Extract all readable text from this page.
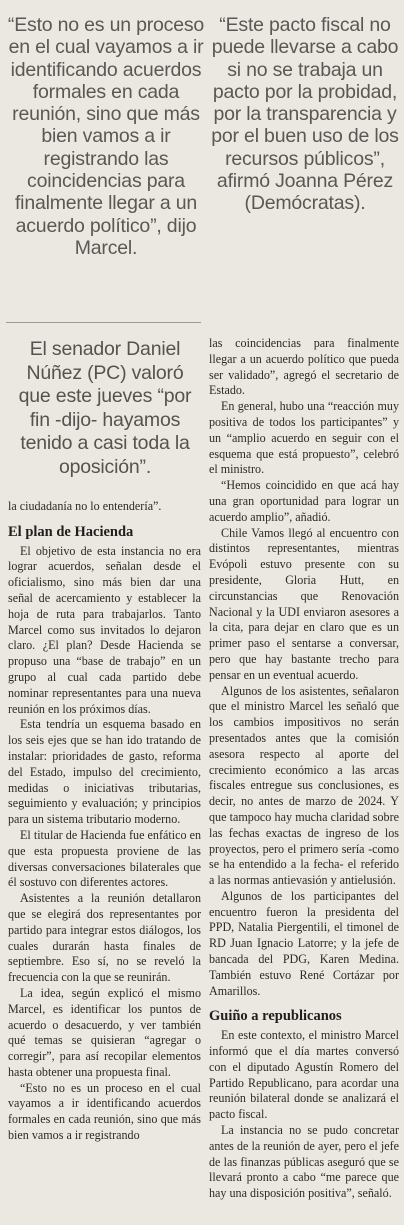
“Esto no es un proceso en el cual vayamos a ir identificando acuerdos formales en cada reunión, sino que más bien vamos a ir registrando las coincidencias para finalmente llegar a un acuerdo político”, dijo Marcel.
“Este pacto fiscal no puede llevarse a cabo si no se trabaja un pacto por la probidad, por la transparencia y por el buen uso de los recursos públicos”, afirmó Joanna Pérez (Demócratas).
El senador Daniel Núñez (PC) valoró que este jueves “por fin -dijo- hayamos tenido a casi toda la oposición”.

la ciudadanía no lo entendería”.

El plan de Hacienda

El objetivo de esta instancia no era lograr acuerdos, señalan desde el oficialismo, sino más bien dar una señal de acercamiento y establecer la hoja de ruta para trabajarlos. Tanto Marcel como sus invitados lo dejaron claro. ¿El plan? Desde Hacienda se propuso una “base de trabajo” en un grupo al cual cada partido debe nominar representantes para una nueva reunión en los próximos días.

Esta tendría un esquema basado en los seis ejes que se han ido tratando de instalar: prioridades de gasto, reforma del Estado, impulso del crecimiento, medidas o iniciativas tributarias, seguimiento y evaluación; y principios para un sistema tributario moderno.

El titular de Hacienda fue enfático en que esta propuesta proviene de las diversas conversaciones bilaterales que él sostuvo con diferentes actores.

Asistentes a la reunión detallaron que se elegirá dos representantes por partido para integrar estos diálogos, los cuales durarán hasta finales de septiembre. Eso sí, no se reveló la frecuencia con la que se reunirán.

La idea, según explicó el mismo Marcel, es identificar los puntos de acuerdo o desacuerdo, y ver también qué temas se quisieran “agregar o corregir”, para así recopilar elementos hasta obtener una propuesta final.

“Esto no es un proceso en el cual vayamos a ir identificando acuerdos formales en cada reunión, sino que más bien vamos a ir registrando

las coincidencias para finalmente llegar a un acuerdo político que pueda ser validado”, agregó el secretario de Estado.

En general, hubo una “reacción muy positiva de todos los participantes” y un “amplio acuerdo en seguir con el esquema que está propuesto”, celebró el ministro.

“Hemos coincidido en que acá hay una gran oportunidad para lograr un acuerdo amplio”, añadió.

Chile Vamos llegó al encuentro con distintos representantes, mientras Evópoli estuvo presente con su presidente, Gloria Hutt, en circunstancias que Renovación Nacional y la UDI enviaron asesores a la cita, para dejar en claro que es un primer paso el sentarse a conversar, pero que hay bastante trecho para pensar en un eventual acuerdo.

Algunos de los asistentes, señalaron que el ministro Marcel les señaló que los cambios impositivos no serán presentados antes que la comisión asesora respecto al aporte del crecimiento económico a las arcas fiscales entregue sus conclusiones, es decir, no antes de marzo de 2024. Y que tampoco hay mucha claridad sobre las fechas exactas de ingreso de los proyectos, pero el primero sería -como se ha entendido a la fecha- el referido a las normas antievasión y antielusión.

Algunos de los participantes del encuentro fueron la presidenta del PPD, Natalia Piergentili, el timonel de RD Juan Ignacio Latorre; y la jefe de bancada del PDG, Karen Medina. También estuvo René Cortázar por Amarillos.

Guiño a republicanos

En este contexto, el ministro Marcel informó que el día martes conversó con el diputado Agustín Romero del Partido Republicano, para acordar una reunión bilateral donde se analizará el pacto fiscal.

La instancia no se pudo concretar antes de la reunión de ayer, pero el jefe de las finanzas públicas aseguró que se llevará pronto a cabo “me parece que hay una disposición positiva”, señaló.
